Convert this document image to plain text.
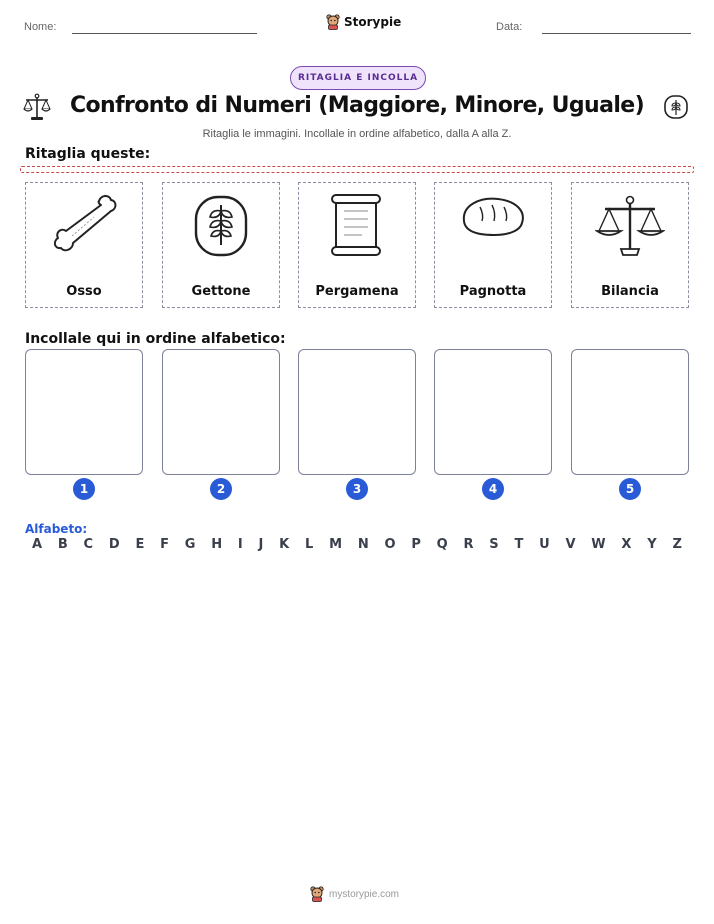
Nome:	Storypie	Data:
RITAGLIA E INCOLLA
Confronto di Numeri (Maggiore, Minore, Uguale)
Ritaglia le immagini. Incollale in ordine alfabetico, dalla A alla Z.
Ritaglia queste:
Osso	Gettone	Pergamena	Pagnotta	Bilancia
Incollale qui in ordine alfabetico:
1	2	3	4	5
Alfabeto:
A B C D E F G H I J K L M N O P Q R S T U V W X Y Z
mystorypie.com
